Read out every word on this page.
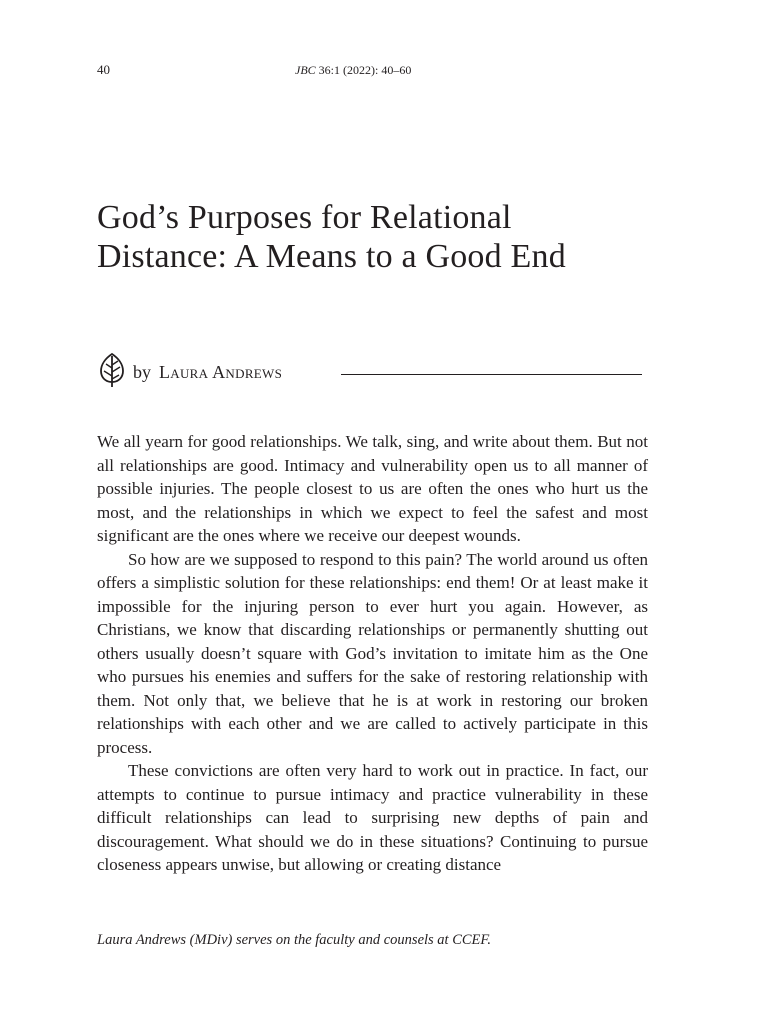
40	JBC 36:1 (2022): 40–60
God’s Purposes for Relational
Distance: A Means to a Good End
by Laura Andrews

We all yearn for good relationships. We talk, sing, and write about them. But not all relationships are good. Intimacy and vulnerability open us to all manner of possible injuries. The people closest to us are often the ones who hurt us the most, and the relationships in which we expect to feel the safest and most significant are the ones where we receive our deepest wounds.

So how are we supposed to respond to this pain? The world around us often offers a simplistic solution for these relationships: end them! Or at least make it impossible for the injuring person to ever hurt you again. However, as Christians, we know that discarding relationships or permanently shutting out others usually doesn’t square with God’s invitation to imitate him as the One who pursues his enemies and suffers for the sake of restoring relationship with them. Not only that, we believe that he is at work in restoring our broken relationships with each other and we are called to actively participate in this process.

These convictions are often very hard to work out in practice. In fact, our attempts to continue to pursue intimacy and practice vulnerability in these difficult relationships can lead to surprising new depths of pain and discouragement. What should we do in these situations? Continuing to pursue closeness appears unwise, but allowing or creating distance

Laura Andrews (MDiv) serves on the faculty and counsels at CCEF.
